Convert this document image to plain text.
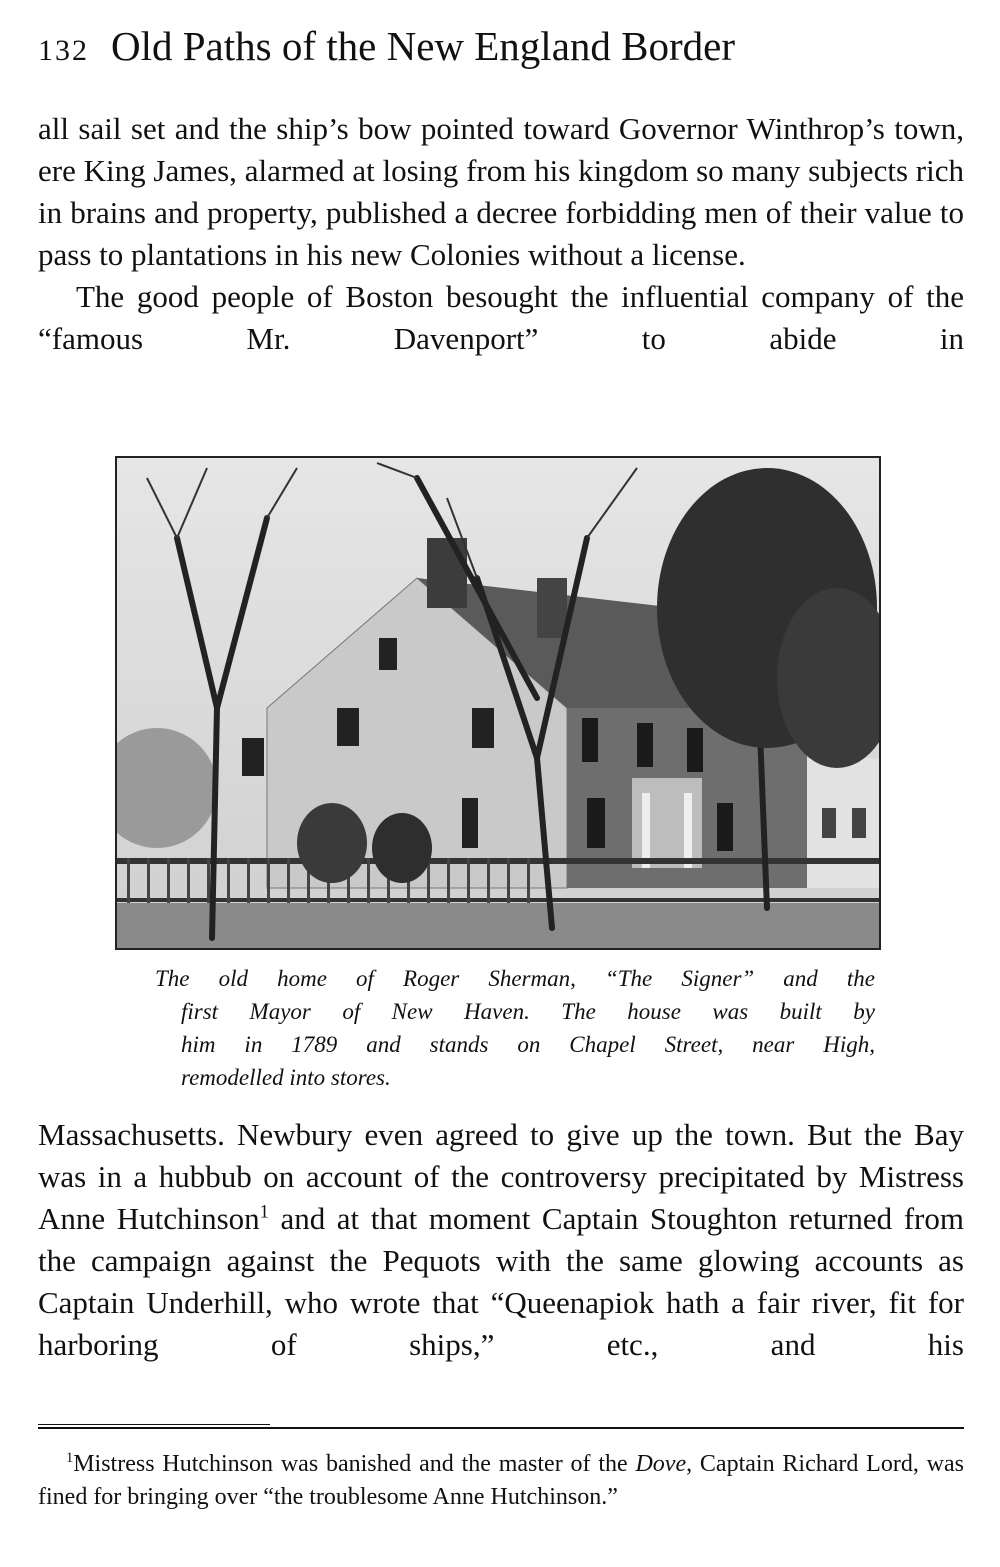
132 Old Paths of the New England Border

all sail set and the ship’s bow pointed toward Governor Winthrop’s town, ere King James, alarmed at losing from his kingdom so many subjects rich in brains and property, published a decree forbidding men of their value to pass to plantations in his new Colonies without a license.

The good people of Boston besought the influential company of the “famous Mr. Davenport” to abide in

The old home of Roger Sherman, “The Signer” and the
first Mayor of New Haven. The house was built by
him in 1789 and stands on Chapel Street, near High,
remodelled into stores.

Massachusetts. Newbury even agreed to give up the town. But the Bay was in a hubbub on account of the controversy precipitated by Mistress Anne Hutchinson$^1$ and at that moment Captain Stoughton returned from the campaign against the Pequots with the same glowing accounts as Captain Underhill, who wrote that “Queenapiok hath a fair river, fit for harboring of ships,” etc., and his

$^1$Mistress Hutchinson was banished and the master of the Dove, Captain Richard Lord, was fined for bringing over “the troublesome Anne Hutchinson.”
